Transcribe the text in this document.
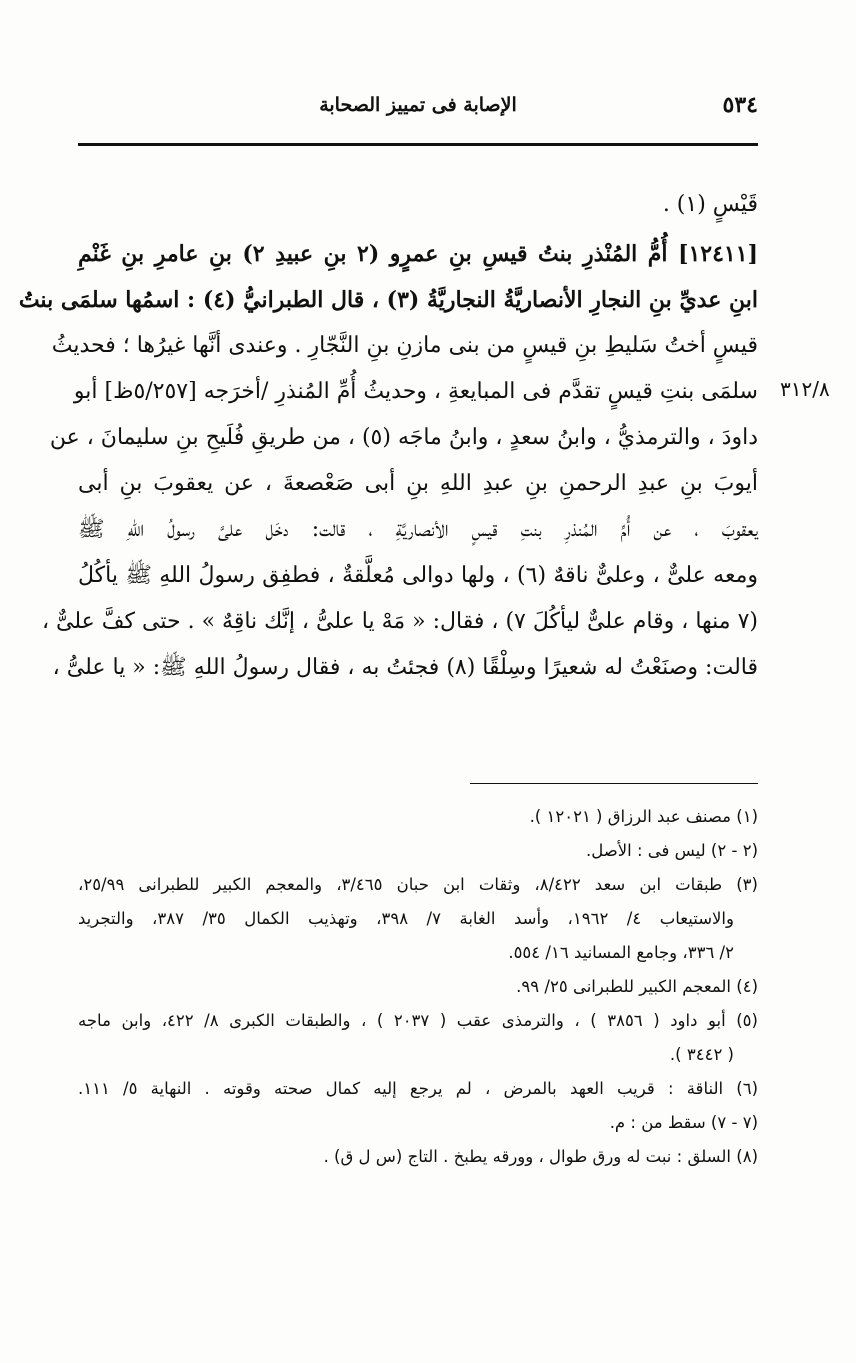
٥٣٤
الإصابة فى تمييز الصحابة
٣١٢/٨
قَيْسٍ (١) .
[١٢٤١١] أُمُّ المُنْذرِ بنتُ قيسِ بنِ عمرٍو (٢ بنِ عبيدِ ٢) بنِ عامرِ بنِ غَنْمِ
ابنِ عديِّ بنِ النجارِ الأنصاريَّةُ النجاريَّةُ (٣) ، قال الطبرانيُّ (٤) : اسمُها سلمَى بنتُ
قيسٍ أختُ سَليطِ بنِ قيسٍ من بنى مازنِ بنِ النَّجّارِ . وعندى أنَّها غيرُها ؛ فحديثُ
سلمَى بنتِ قيسٍ تقدَّم فى المبايعةِ ، وحديثُ أُمِّ المُنذرِ /أخرَجه [٥/٢٥٧ظ] أبو
داودَ ، والترمذيُّ ، وابنُ سعدٍ ، وابنُ ماجَه (٥) ، من طريقِ فُلَيحِ بنِ سليمانَ ، عن
أيوبَ بنِ عبدِ الرحمنِ بنِ عبدِ اللهِ بنِ أبى صَعْصعةَ ، عن يعقوبَ بنِ أبى
يعقوبَ ، عن أُمِّ المُنذرِ بنتِ قيسٍ الأنصاريَّةِ ، قالت: دخَل علىَّ رسولُ اللهِ ﷺ
ومعه علىٌّ ، وعلىٌّ ناقهٌ (٦) ، ولها دوالى مُعلَّقةٌ ، فطفِق رسولُ اللهِ ﷺ يأكُلُ
(٧ منها ، وقام علىٌّ ليأكُلَ ٧) ، فقال: « مَهْ يا علىُّ ، إنَّك ناقِهٌ » . حتى كفَّ علىٌّ ،
قالت: وصنَعْتُ له شعيرًا وسِلْقًا (٨) فجئتُ به ، فقال رسولُ اللهِ ﷺ: « يا علىُّ ،
(١) مصنف عبد الرزاق ( ١٢٠٢١ ).
(٢ - ٢) ليس فى : الأصل.
(٣) طبقات ابن سعد ٨/٤٢٢، وثقات ابن حبان ٣/٤٦٥، والمعجم الكبير للطبرانى ٢٥/٩٩،
والاستيعاب ٤/ ١٩٦٢، وأسد الغابة ٧/ ٣٩٨، وتهذيب الكمال ٣٥/ ٣٨٧، والتجريد
٢/ ٣٣٦، وجامع المسانيد ١٦/ ٥٥٤.
(٤) المعجم الكبير للطبرانى ٢٥/ ٩٩.
(٥) أبو داود ( ٣٨٥٦ ) ، والترمذى عقب ( ٢٠٣٧ ) ، والطبقات الكبرى ٨/ ٤٢٢، وابن ماجه
( ٣٤٤٢ ).
(٦) الناقة : قريب العهد بالمرض ، لم يرجع إليه كمال صحته وقوته . النهاية ٥/ ١١١.
(٧ - ٧) سقط من : م.
(٨) السلق : نبت له ورق طوال ، وورقه يطبخ . التاج (س ل ق) .
